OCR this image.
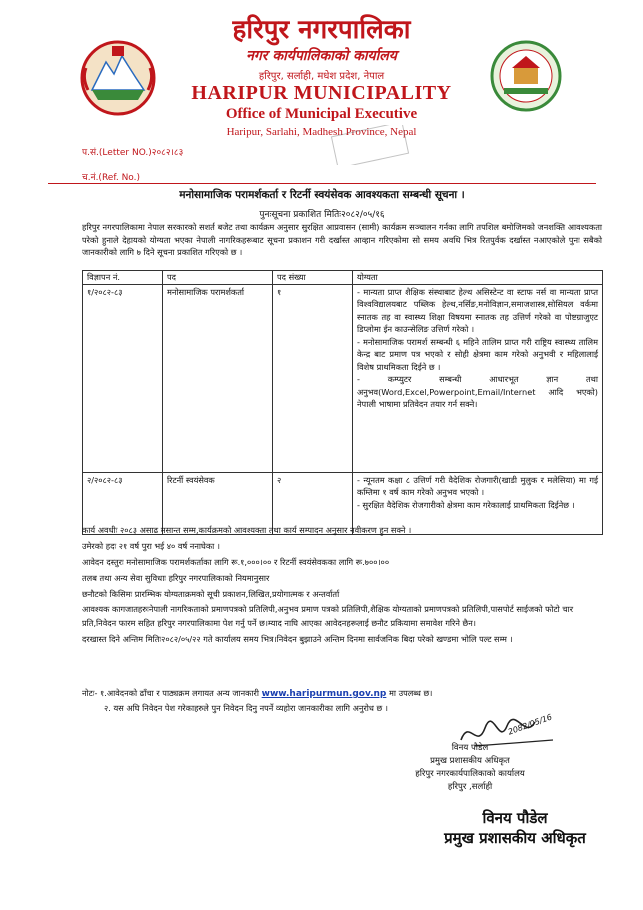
हरिपुर नगरपालिका
नगर कार्यपालिकाको कार्यालय
हरिपुर, सर्लाही, मधेश प्रदेश, नेपाल
HARIPUR MUNICIPALITY
Office of Municipal Executive
Haripur, Sarlahi, Madhesh Province, Nepal
प.सं.(Letter NO.)२०८२।८३
च.नं.(Ref. No.)
मनोसामाजिक परामर्शकर्ता र रिटर्नी स्वयंसेवक आवश्यकता सम्बन्धी सूचना ।
पुनःसूचना प्रकाशित मितिः२०८२/०५/१६
हरिपुर नगरपालिकामा नेपाल सरकारको सशर्त बजेट तथा कार्यक्रम अनुसार सुरक्षित आप्रवासन (सामी) कार्यक्रम सञ्चालन गर्नका लागि तपशिल बमोजिमको जनशक्ति आवश्यकता परेको हुनाले देहायको योग्यता भएका नेपाली नागरिकहरूबाट सूचना प्रकाशन गरी दर्खास्त आव्हान गरिएकोमा सो समय अवधि भित्र रितपुर्वक दर्खास्त नआएकोले पुनः सबैको जानकारीको लागि ७ दिने सूचना प्रकाशित गरिएको छ ।
विज्ञापन नं.	पद	पद संख्या	योग्यता
१/२०८२-८३	मनोसामाजिक परामर्शकर्ता	१	- मान्यता प्राप्त शैक्षिक संस्थाबाट हेल्थ असिस्टेन्ट वा स्टाफ नर्स वा मान्यता प्राप्त विश्वविद्यालयबाट पब्लिक हेल्थ,नर्सिङ,मनोविज्ञान,समाजशास्त्र,सोसियल वर्कमा स्नातक तह वा स्वास्थ्य शिक्षा विषयमा स्नातक तह उत्तिर्ण गरेको वा पोष्टग्राजुएट डिप्लोमा ईन काउन्सेलिङ उत्तिर्ण गरेको ।
- मनोसामाजिक परामर्श सम्बन्धी ६ महिने तालिम प्राप्त गरी राष्ट्रिय स्वास्थ्य तालिम केन्द्र बाट प्रमाण पत्र भएको र सोही क्षेत्रमा काम गरेको अनुभवी र महिलालाई विशेष प्राथमिकता दिईने छ ।
- कम्प्युटर सम्बन्धी आधारभूत ज्ञान तथा अनुभव(Word,Excel,Powerpoint,Email/Internet आदि भएको) नेपाली भाषामा प्रतिवेदन तयार गर्न सक्ने।

२/२०८२-८३	रिटर्नी स्वयंसेवक	२	- न्यूनतम कक्षा ८ उत्तिर्ण गरी वैदेशिक रोजगारी(खाडी मुलुक र मलेसिया) मा गई कम्तिमा १ वर्ष काम गरेको अनुभव भएको ।
- सुरक्षित वैदेशिक रोजगारीको क्षेत्रमा काम गरेकालाई प्राथमिकता दिईनेछ ।
कार्य अवधीः २०८३ असाढ मसान्त सम्म,कार्यक्रमको आवश्यक्ता तथा कार्य सम्पादन अनुसार नवीकरण हुन सक्ने ।
उमेरको हदः २१ वर्ष पुरा भई ४० वर्ष ननाघेका ।
आवेदन दस्तुरः मनोसामाजिक परामर्शकर्ताका लागि रू.१,०००।०० र रिटर्नी स्वयंसेवकका लागि रू.७००।००
तलब तथा अन्य सेवा सुविधाः हरिपुर नगरपालिकाको नियमानुसार
छनौटको किसिमः प्रारम्भिक योग्यताक्रमको सूची प्रकाशन,लिखित,प्रयोगात्मक र अन्तर्वार्ता
आवश्यक कागजातहरुःनेपाली नागरिकताको प्रमाणपत्रको प्रतिलिपी,अनुभव प्रमाण पत्रको प्रतिलिपी,शैक्षिक योग्यताको प्रमाणपत्रको प्रतिलिपी,पासपोर्ट साईजको फोटो चार प्रति,निवेदन फारम सहित हरिपुर नगरपालिकामा पेश गर्नु पर्ने छ।म्याद नाघि आएका आवेदनहरूलाई छनौट प्रकियामा समावेश गरिने छैन।
दरखास्त दिने अन्तिम मितिः२०८२/०५/२२ गते कार्यालय समय भित्र।निवेदन बुझाउने अन्तिम दिनमा सार्वजनिक बिदा परेको खण्डमा भोलि पल्ट सम्म ।
नोटः- १.आवेदनको ढाँचा र पाठ्यक्रम लगायत अन्य जानकारी www.haripurmun.gov.np मा उपलब्ध छ।
२. यस अघि निवेदन पेश गरेकाहरुले पुन निवेदन दिनु नपर्ने व्यहोरा जानकारीका लागि अनुरोध छ ।
2082/05/16
विनय पौडेल
प्रमुख प्रशासकीय अधिकृत
हरिपुर नगरकार्यपालिकाको कार्यालय
हरिपुर ,सर्लाही
विनय पौडेल
प्रमुख प्रशासकीय अधिकृत
